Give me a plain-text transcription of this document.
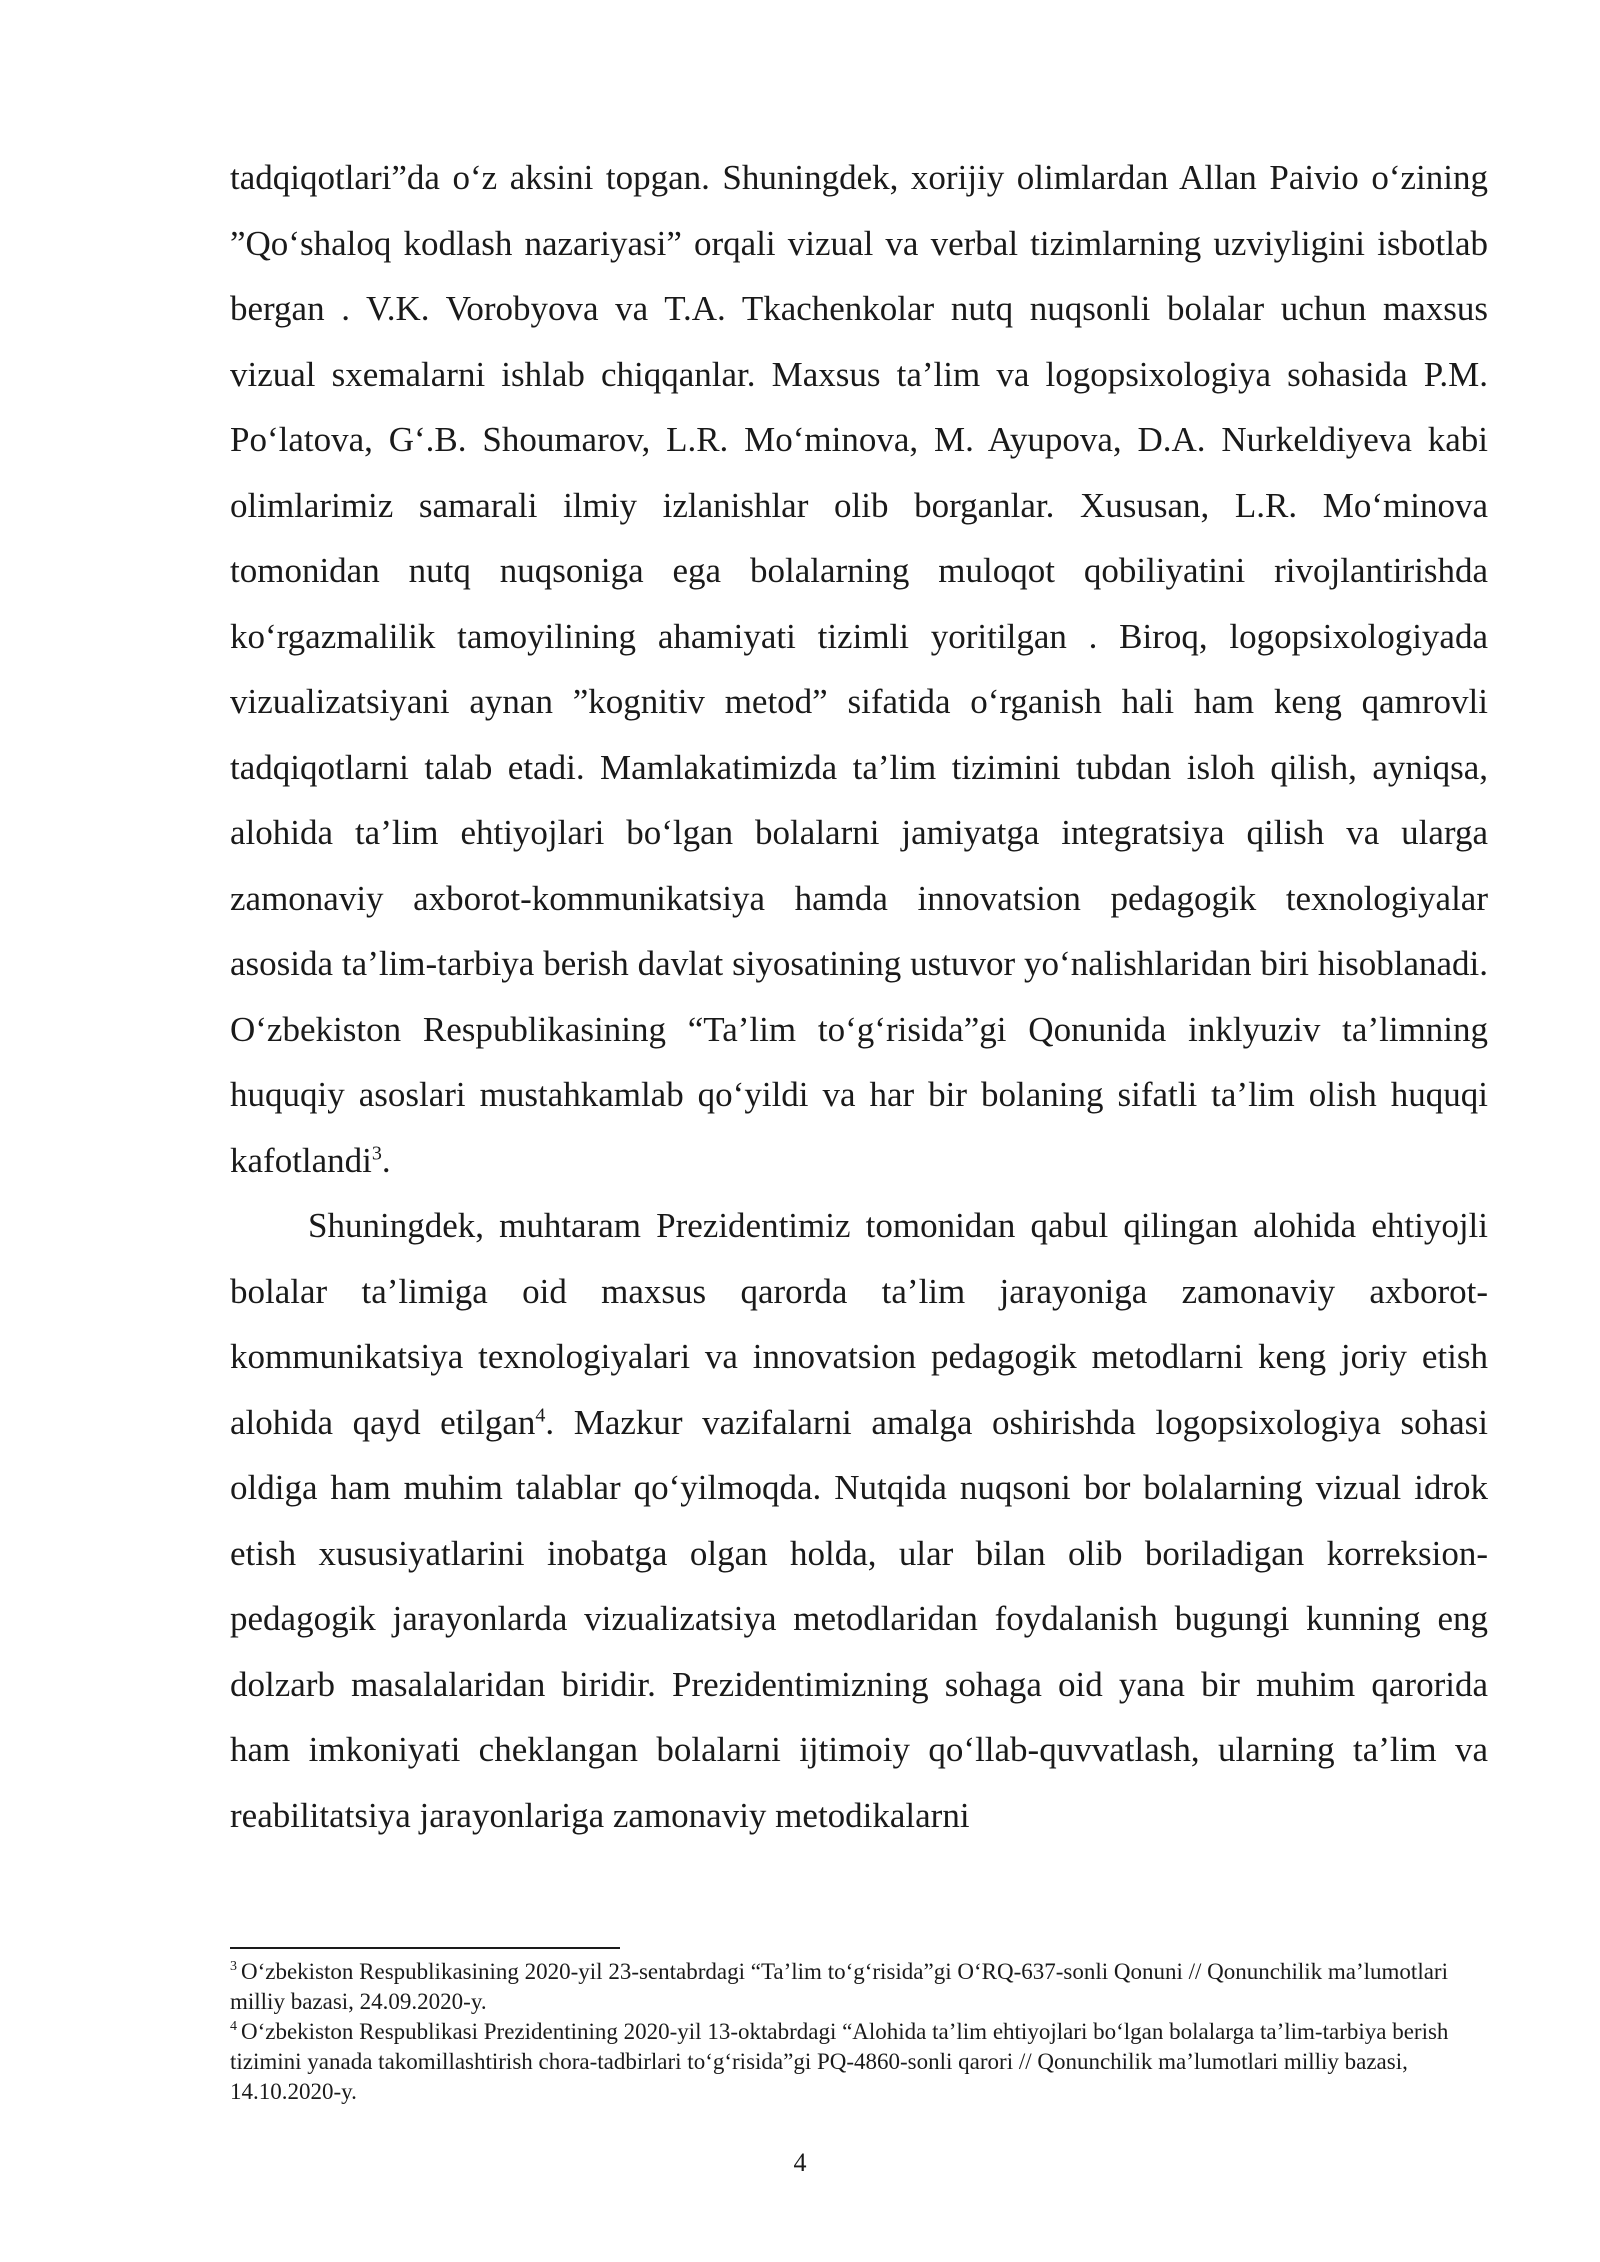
tadqiqotlari”da o‘z aksini topgan. Shuningdek, xorijiy olimlardan Allan Paivio o‘zining ”Qo‘shaloq kodlash nazariyasi” orqali vizual va verbal tizimlarning uzviyligini isbotlab bergan . V.K. Vorobyova va T.A. Tkachenkolar nutq nuqsonli bolalar uchun maxsus vizual sxemalarni ishlab chiqqanlar. Maxsus ta’lim va logopsixologiya sohasida P.M. Po‘latova, G‘.B. Shoumarov, L.R. Mo‘minova, M. Ayupova, D.A. Nurkeldiyeva kabi olimlarimiz samarali ilmiy izlanishlar olib borganlar. Xususan, L.R. Mo‘minova tomonidan nutq nuqsoniga ega bolalarning muloqot qobiliyatini rivojlantirishda ko‘rgazmalilik tamoyilining ahamiyati tizimli yoritilgan . Biroq, logopsixologiyada vizualizatsiyani aynan ”kognitiv metod” sifatida o‘rganish hali ham keng qamrovli tadqiqotlarni talab etadi. Mamlakatimizda ta’lim tizimini tubdan isloh qilish, ayniqsa, alohida ta’lim ehtiyojlari bo‘lgan bolalarni jamiyatga integratsiya qilish va ularga zamonaviy axborot-kommunikatsiya hamda innovatsion pedagogik texnologiyalar asosida ta’lim-tarbiya berish davlat siyosatining ustuvor yo‘nalishlaridan biri hisoblanadi. O‘zbekiston Respublikasining “Ta’lim to‘g‘risida”gi Qonunida inklyuziv ta’limning huquqiy asoslari mustahkamlab qo‘yildi va har bir bolaning sifatli ta’lim olish huquqi kafotlandi$^3$.

Shuningdek, muhtaram Prezidentimiz tomonidan qabul qilingan alohida ehtiyojli bolalar ta’limiga oid maxsus qarorda ta’lim jarayoniga zamonaviy axborot-kommunikatsiya texnologiyalari va innovatsion pedagogik metodlarni keng joriy etish alohida qayd etilgan$^4$. Mazkur vazifalarni amalga oshirishda logopsixologiya sohasi oldiga ham muhim talablar qo‘yilmoqda. Nutqida nuqsoni bor bolalarning vizual idrok etish xususiyatlarini inobatga olgan holda, ular bilan olib boriladigan korreksion-pedagogik jarayonlarda vizualizatsiya metodlaridan foydalanish bugungi kunning eng dolzarb masalalaridan biridir. Prezidentimizning sohaga oid yana bir muhim qarorida ham imkoniyati cheklangan bolalarni ijtimoiy qo‘llab-quvvatlash, ularning ta’lim va reabilitatsiya jarayonlariga zamonaviy metodikalarni

$^3$ O‘zbekiston Respublikasining 2020-yil 23-sentabrdagi “Ta’lim to‘g‘risida”gi O‘RQ-637-sonli Qonuni // Qonunchilik ma’lumotlari milliy bazasi, 24.09.2020-y.

$^4$ O‘zbekiston Respublikasi Prezidentining 2020-yil 13-oktabrdagi “Alohida ta’lim ehtiyojlari bo‘lgan bolalarga ta’lim-tarbiya berish tizimini yanada takomillashtirish chora-tadbirlari to‘g‘risida”gi PQ-4860-sonli qarori // Qonunchilik ma’lumotlari milliy bazasi, 14.10.2020-y.

4
